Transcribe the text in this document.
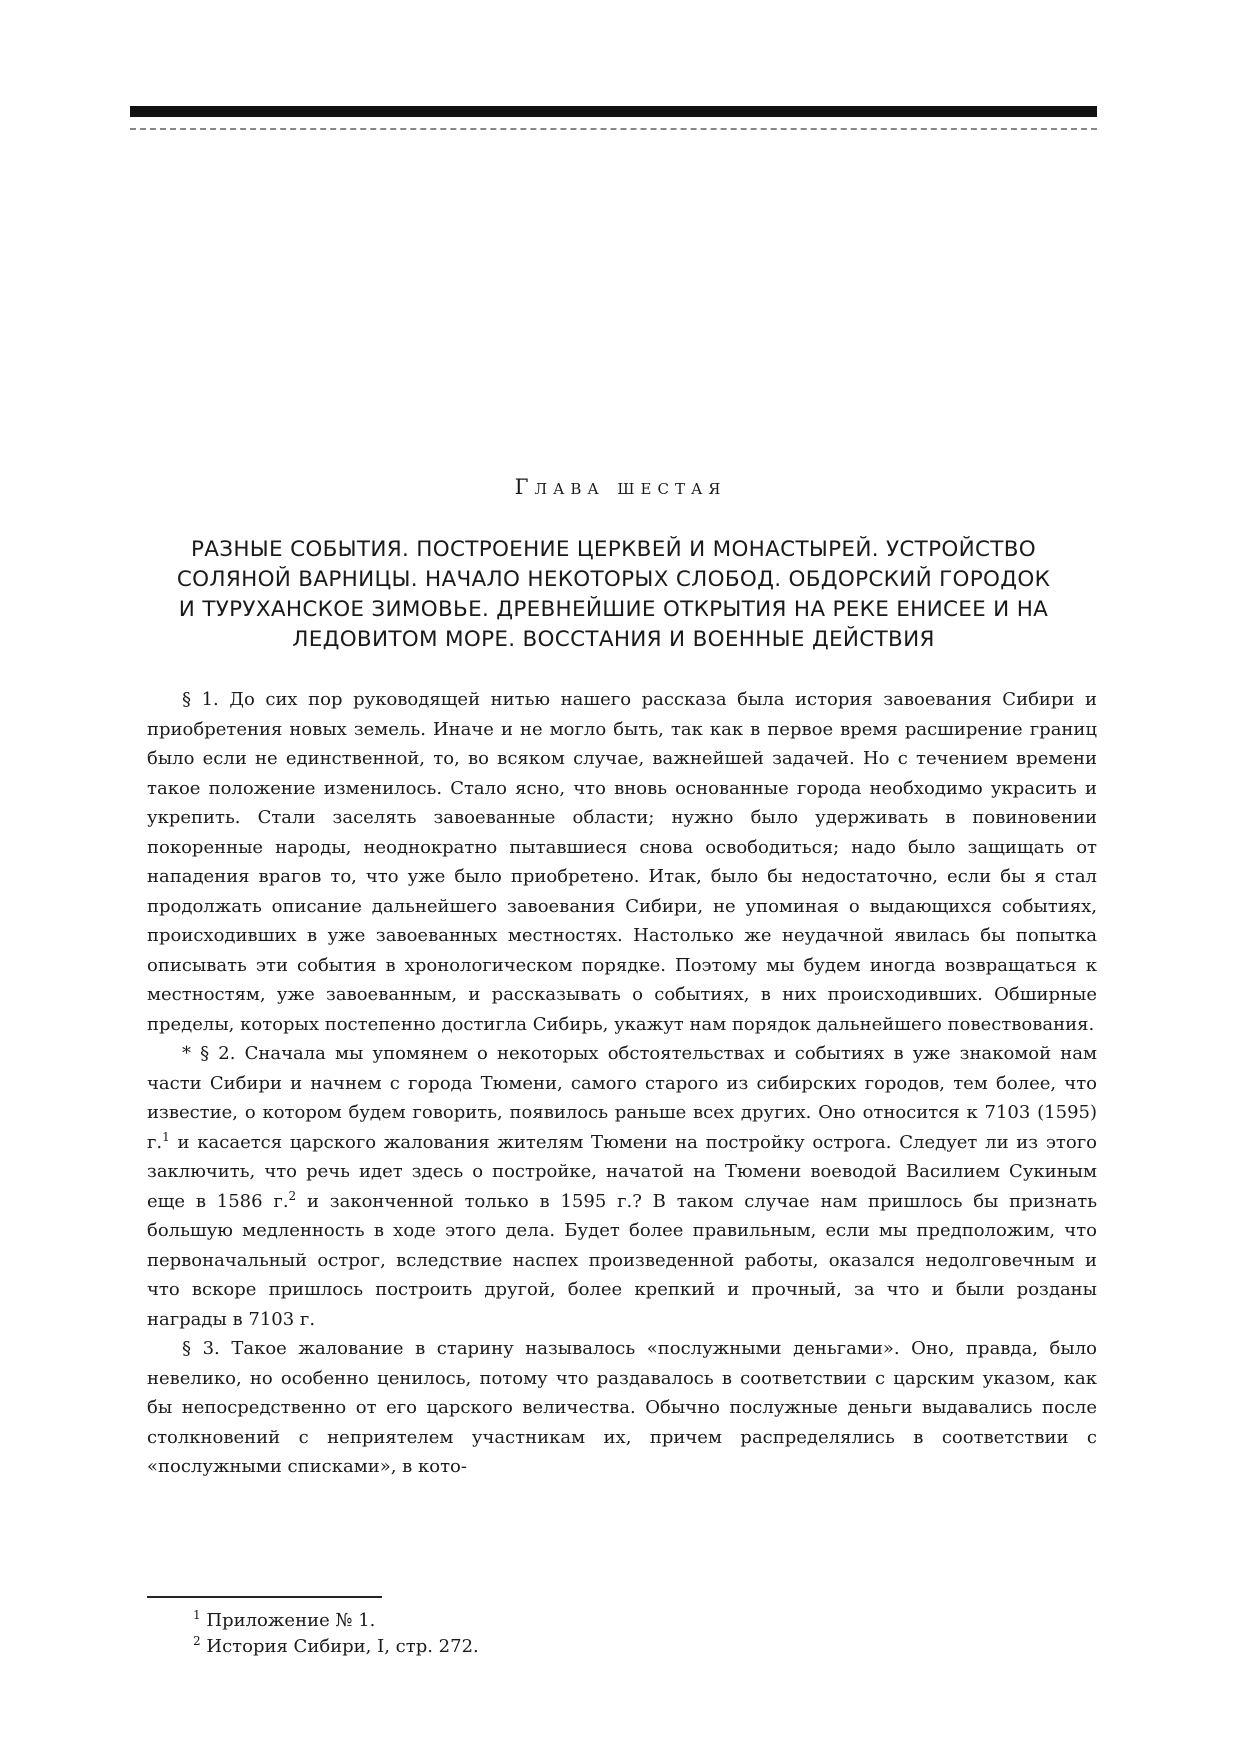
Глава шестая
РАЗНЫЕ СОБЫТИЯ. ПОСТРОЕНИЕ ЦЕРКВЕЙ И МОНАСТЫРЕЙ. УСТРОЙСТВО
СОЛЯНОЙ ВАРНИЦЫ. НАЧАЛО НЕКОТОРЫХ СЛОБОД. ОБДОРСКИЙ ГОРОДОК
И ТУРУХАНСКОЕ ЗИМОВЬЕ. ДРЕВНЕЙШИЕ ОТКРЫТИЯ НА РЕКЕ ЕНИСЕЕ И НА
ЛЕДОВИТОМ МОРЕ. ВОССТАНИЯ И ВОЕННЫЕ ДЕЙСТВИЯ

§ 1. До сих пор руководящей нитью нашего рассказа была история завоевания Сибири и приобретения новых земель. Иначе и не могло быть, так как в первое время расширение границ было если не единственной, то, во всяком случае, важнейшей задачей. Но с течением времени такое положение изменилось. Стало ясно, что вновь основанные города необходимо украсить и укрепить. Стали заселять завоеванные области; нужно было удерживать в повиновении покоренные народы, неоднократно пытавшиеся снова освободиться; надо было защищать от нападения врагов то, что уже было приобретено. Итак, было бы недостаточно, если бы я стал продолжать описание дальнейшего завоевания Сибири, не упоминая о выдающихся событиях, происходивших в уже завоеванных местностях. Настолько же неудачной явилась бы попытка описывать эти события в хронологическом порядке. Поэтому мы будем иногда возвращаться к местностям, уже завоеванным, и рассказывать о событиях, в них происходивших. Обширные пределы, которых постепенно достигла Сибирь, укажут нам порядок дальнейшего повествования.

* § 2. Сначала мы упомянем о некоторых обстоятельствах и событиях в уже знакомой нам части Сибири и начнем с города Тюмени, самого старого из сибирских городов, тем более, что известие, о котором будем говорить, появилось раньше всех других. Оно относится к 7103 (1595) г.$^1$ и касается царского жалования жителям Тюмени на постройку острога. Следует ли из этого заключить, что речь идет здесь о постройке, начатой на Тюмени воеводой Василием Сукиным еще в 1586 г.$^2$ и законченной только в 1595 г.? В таком случае нам пришлось бы признать большую медленность в ходе этого дела. Будет более правильным, если мы предположим, что первоначальный острог, вследствие наспех произведенной работы, оказался недолговечным и что вскоре пришлось построить другой, более крепкий и прочный, за что и были розданы награды в 7103 г.

§ 3. Такое жалование в старину называлось «послужными деньгами». Оно, правда, было невелико, но особенно ценилось, потому что раздавалось в соответствии с царским указом, как бы непосредственно от его царского величества. Обычно послужные деньги выдавались после столкновений с неприятелем участникам их, причем распределялись в соответствии с «послужными списками», в кото-

$^1$ Приложение № 1.
$^2$ История Сибири, I, стр. 272.
